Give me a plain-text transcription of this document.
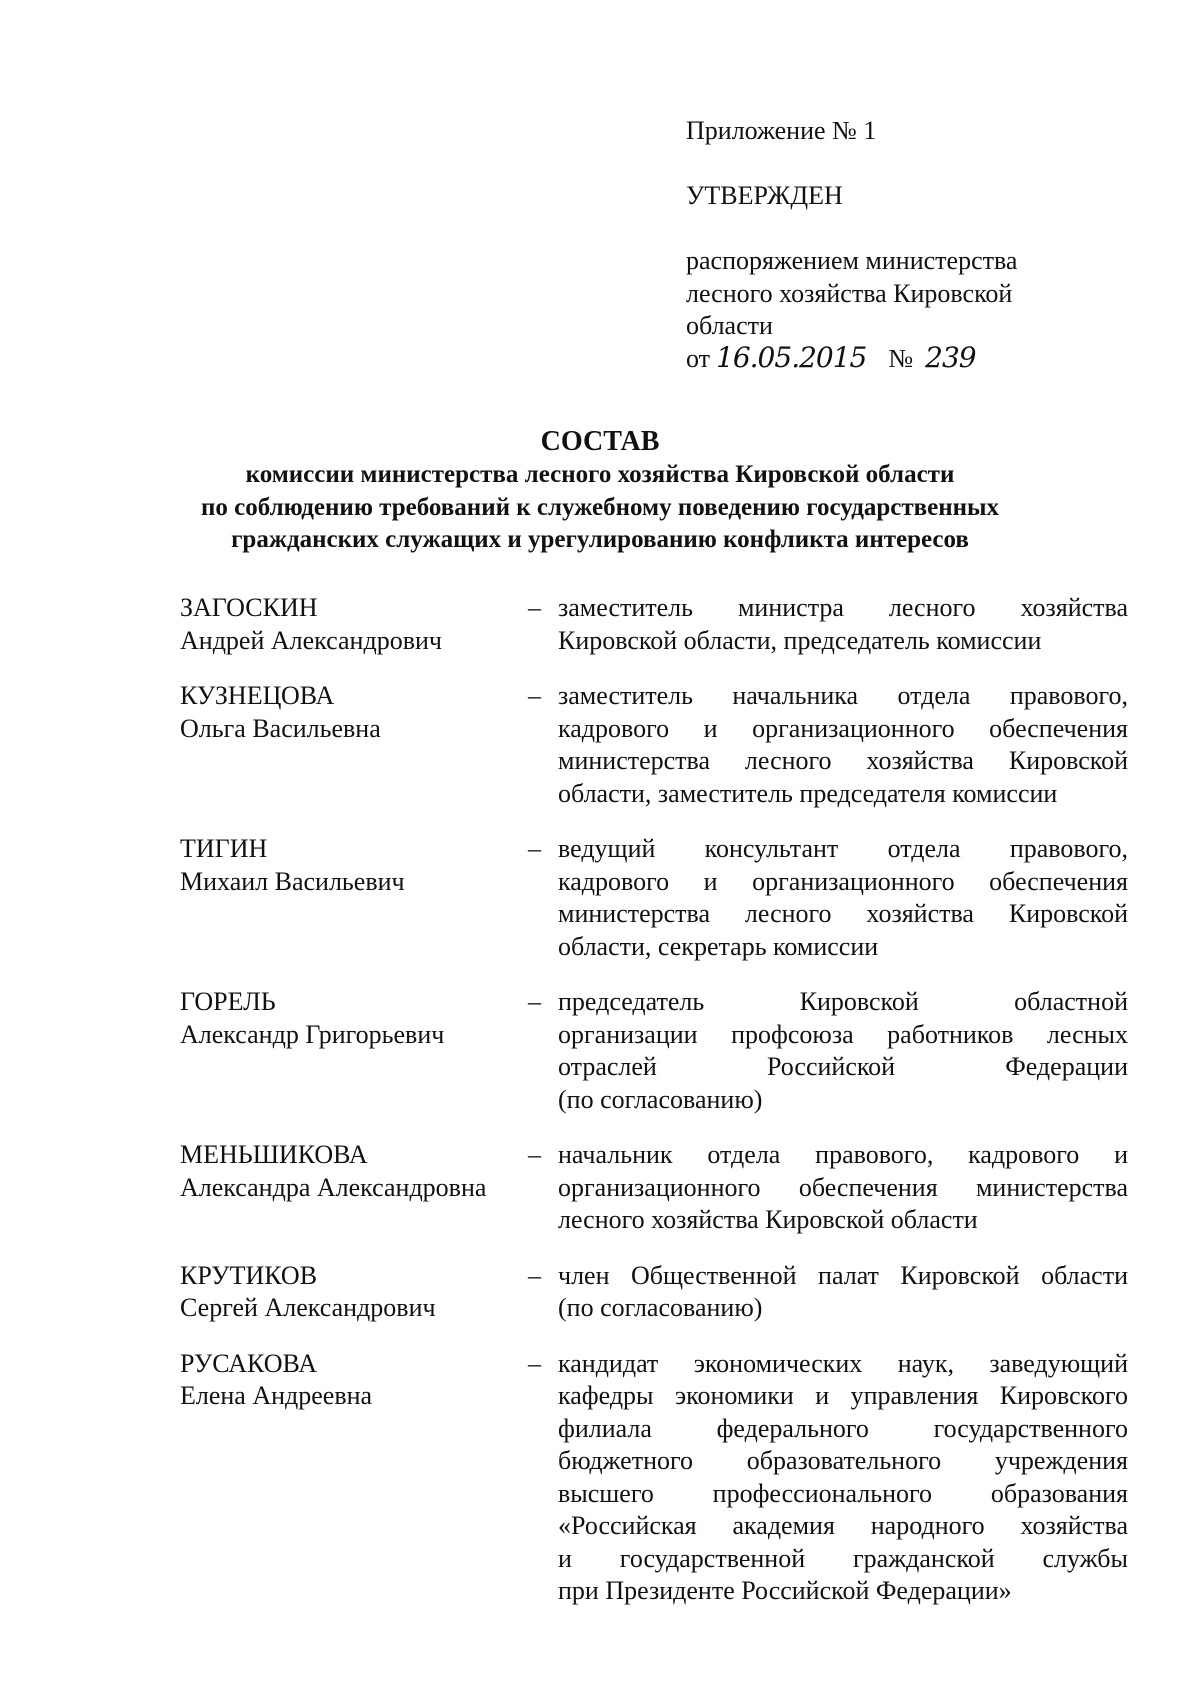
Приложение № 1
УТВЕРЖДЕН
распоряжением министерства
лесного хозяйства Кировской
области
от 16.05.2015 № 239
СОСТАВ
комиссии министерства лесного хозяйства Кировской области
по соблюдению требований к служебному поведению государственных
гражданских служащих и урегулированию конфликта интересов
ЗАГОСКИН
Андрей Александрович
– заместитель министра лесного хозяйства
Кировской области, председатель комиссии
КУЗНЕЦОВА
Ольга Васильевна
– заместитель начальника отдела правового,
кадрового и организационного обеспечения
министерства лесного хозяйства Кировской
области, заместитель председателя комиссии
ТИГИН
Михаил Васильевич
– ведущий консультант отдела правового,
кадрового и организационного обеспечения
министерства лесного хозяйства Кировской
области, секретарь комиссии
ГОРЕЛЬ
Александр Григорьевич
– председатель Кировской областной
организации профсоюза работников лесных
отраслей Российской Федерации
(по согласованию)
МЕНЬШИКОВА
Александра Александровна
– начальник отдела правового, кадрового и
организационного обеспечения министерства
лесного хозяйства Кировской области
КРУТИКОВ
Сергей Александрович
– член Общественной палат Кировской области
(по согласованию)
РУСАКОВА
Елена Андреевна
– кандидат экономических наук, заведующий
кафедры экономики и управления Кировского
филиала федерального государственного
бюджетного образовательного учреждения
высшего профессионального образования
«Российская академия народного хозяйства
и государственной гражданской службы
при Президенте Российской Федерации»
